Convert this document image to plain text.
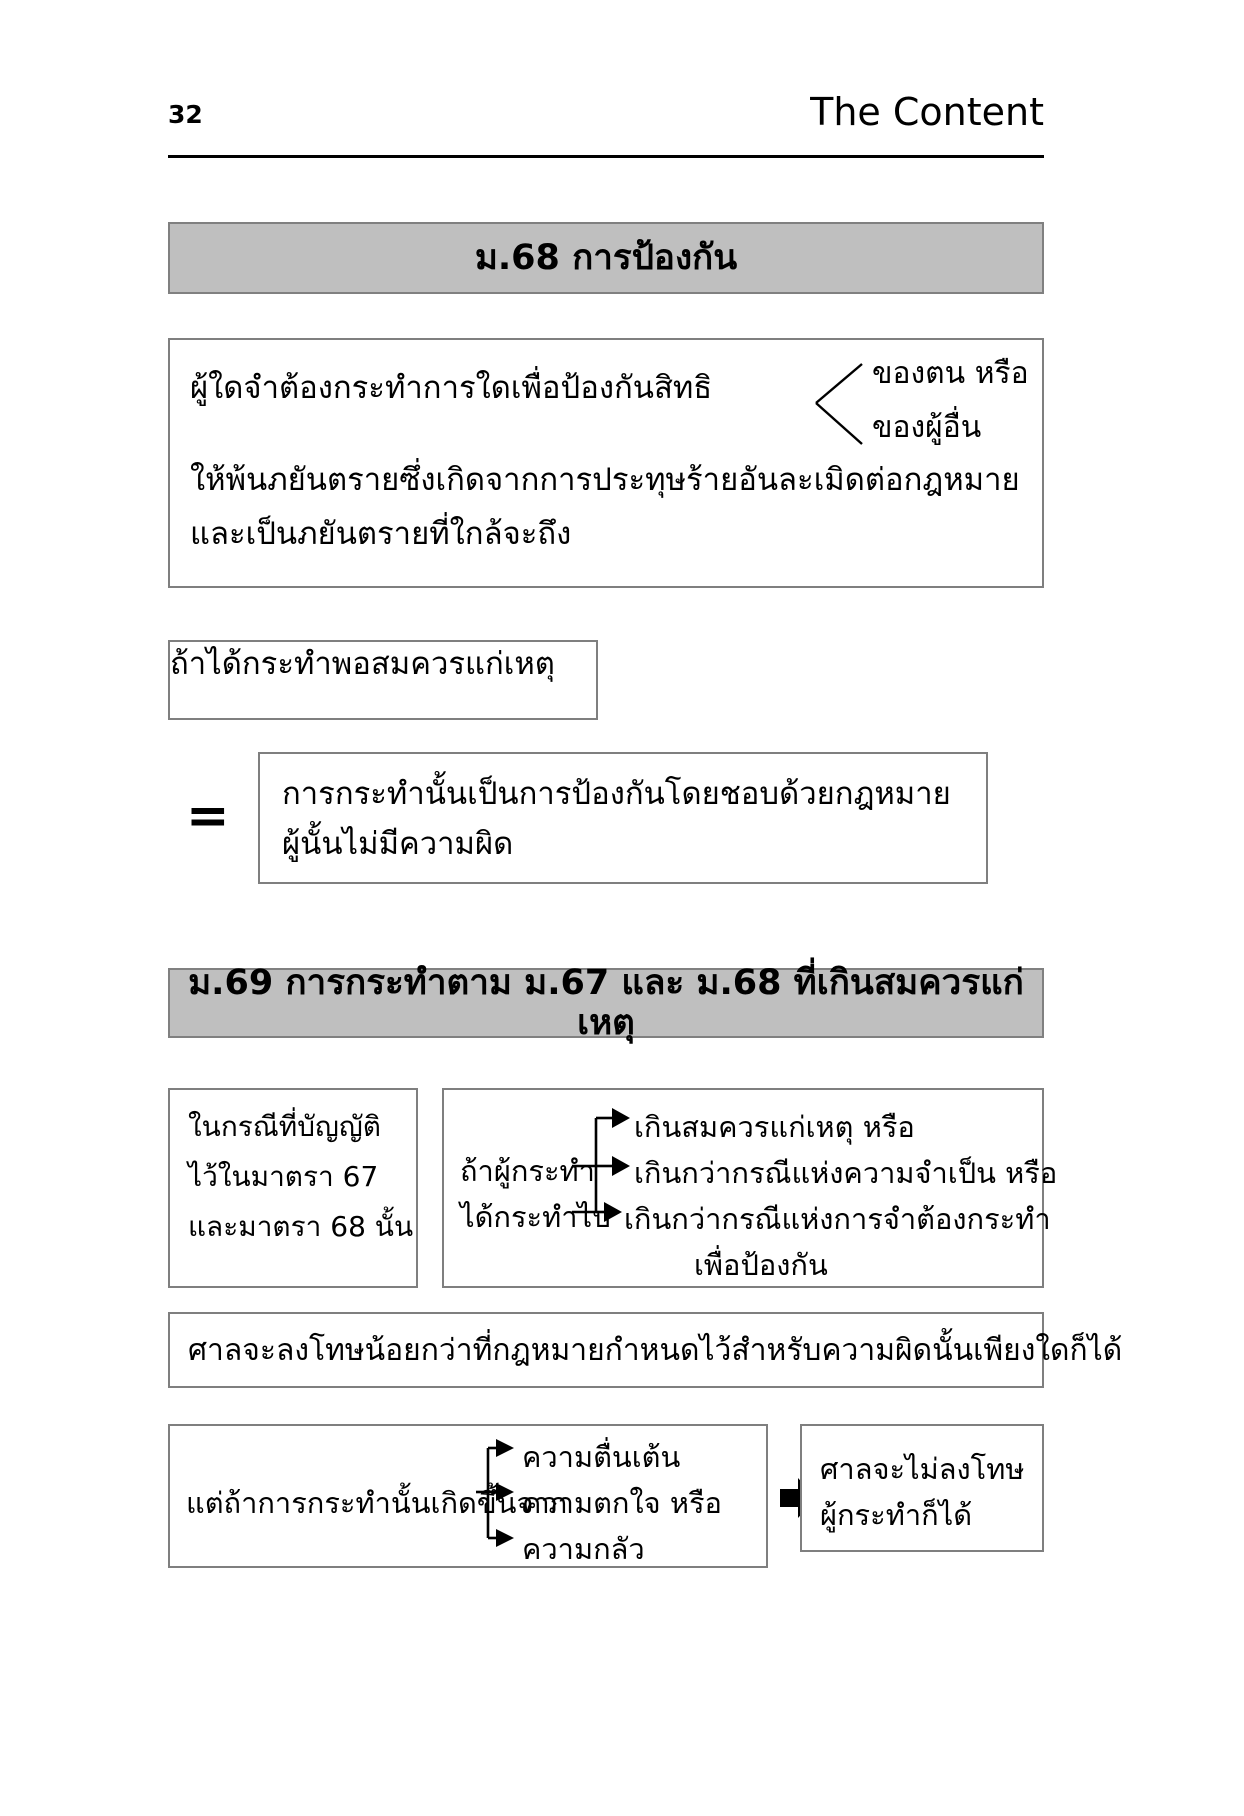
32	The Content
ม.68 การป้องกัน
ผู้ใดจำต้องกระทำการใดเพื่อป้องกันสิทธิ	ของตน หรือ
ของผู้อื่น
ให้พ้นภยันตรายซึ่งเกิดจากการประทุษร้ายอันละเมิดต่อกฎหมาย
และเป็นภยันตรายที่ใกล้จะถึง
ถ้าได้กระทำพอสมควรแก่เหตุ
= การกระทำนั้นเป็นการป้องกันโดยชอบด้วยกฎหมาย
ผู้นั้นไม่มีความผิด
ม.69 การกระทำตาม ม.67 และ ม.68 ที่เกินสมควรแก่เหตุ
ในกรณีที่บัญญัติ
ไว้ในมาตรา 67
และมาตรา 68 นั้น
ถ้าผู้กระทำ
ได้กระทำไป
เกินสมควรแก่เหตุ หรือ
เกินกว่ากรณีแห่งความจำเป็น หรือ
เกินกว่ากรณีแห่งการจำต้องกระทำ
เพื่อป้องกัน
ศาลจะลงโทษน้อยกว่าที่กฎหมายกำหนดไว้สำหรับความผิดนั้นเพียงใดก็ได้
แต่ถ้าการกระทำนั้นเกิดขึ้นจาก
ความตื่นเต้น
ความตกใจ หรือ
ความกลัว
ศาลจะไม่ลงโทษ
ผู้กระทำก็ได้
